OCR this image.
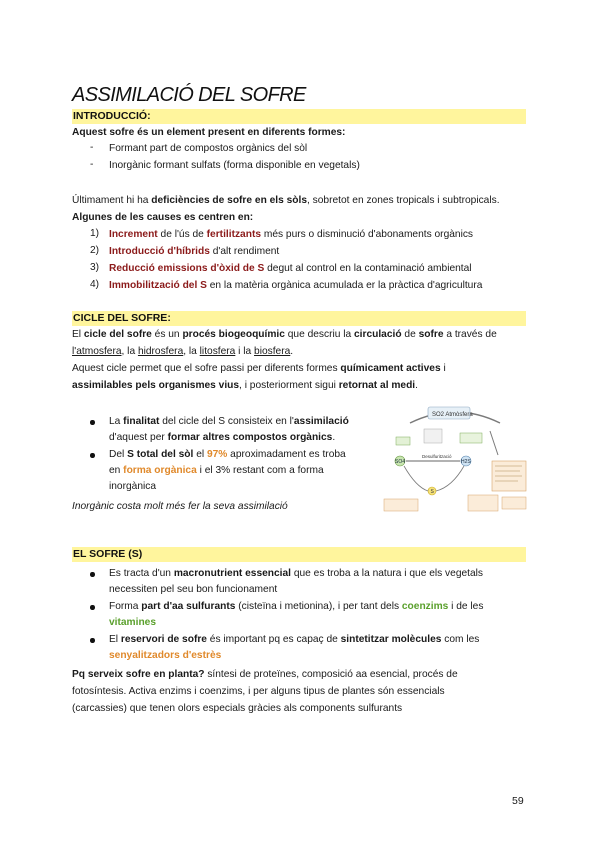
ASSIMILACIÓ DEL SOFRE
INTRODUCCIÓ:
Aquest sofre és un element present en diferents formes:
- Formant part de compostos orgànics del sòl
- Inorgànic formant sulfats (forma disponible en vegetals)
Últimament hi ha deficiències de sofre en els sòls, sobretot en zones tropicals i subtropicals.
Algunes de les causes es centren en:
1) Increment de l'ús de fertilitzants més purs o disminució d'abonaments orgànics
2) Introducció d'híbrids d'alt rendiment
3) Reducció emissions d'òxid de S degut al control en la contaminació ambiental
4) Immobilització del S en la matèria orgànica acumulada er la pràctica d'agricultura
CICLE DEL SOFRE:
El cicle del sofre és un procés biogeoquímic que descriu la circulació de sofre a través de
l'atmosfera, la hidrosfera, la litosfera i la biosfera.
Aquest cicle permet que el sofre passi per diferents formes químicament actives i
assimilables pels organismes vius, i posteriorment sigui retornat al medi.
La finalitat del cicle del S consisteix en l'assimilació
d'aquest per formar altres compostos orgànics.
Del S total del sòl el 97% aproximadament es troba
en forma orgànica i el 3% restant com a forma
inorgànica
Inorgànic costa molt més fer la seva assimilació
SO2 Atmòsfera
SO4	H2S
Desulfurització
S
EL SOFRE (S)
Es tracta d'un macronutrient essencial que es troba a la natura i que els vegetals
necessiten pel seu bon funcionament
Forma part d'aa sulfurants (cisteïna i metionina), i per tant dels coenzims i de les
vitamines
El reservori de sofre és important pq es capaç de sintetitzar molècules com les
senyalitzadors d'estrès
Pq serveix sofre en planta? síntesi de proteïnes, composició aa esencial, procés de
fotosíntesis. Activa enzims i coenzims, i per alguns tipus de plantes són essencials
(carcassies) que tenen olors especials gràcies als components sulfurants
59
